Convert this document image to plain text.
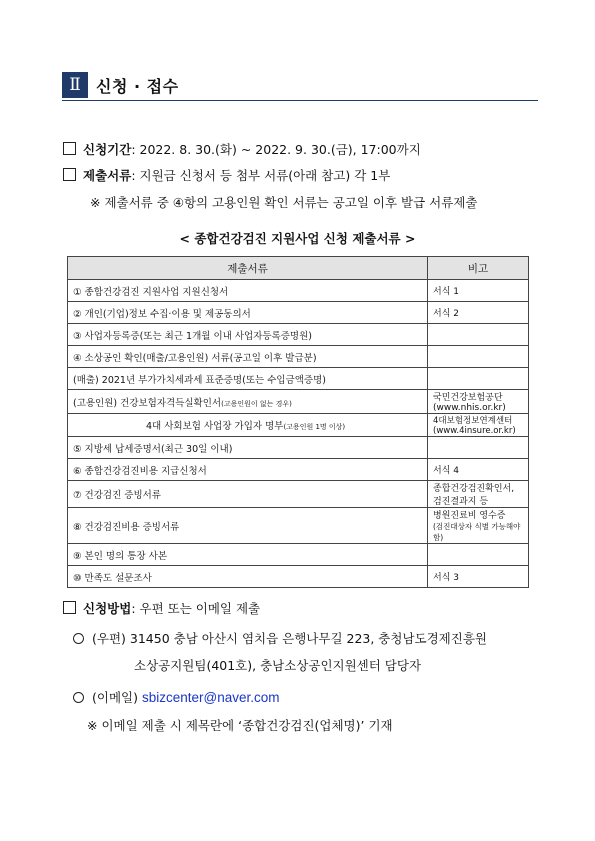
Ⅱ 신청 · 접수
신청기간: 2022. 8. 30.(화) ~ 2022. 9. 30.(금), 17:00까지
제출서류: 지원금 신청서 등 첨부 서류(아래 참고) 각 1부
※ 제출서류 중 ④항의 고용인원 확인 서류는 공고일 이후 발급 서류제출
< 종합건강검진 지원사업 신청 제출서류 >
제출서류	비고
① 종합건강검진 지원사업 지원신청서	서식 1
② 개인(기업)정보 수집·이용 및 제공동의서	서식 2
③ 사업자등록증(또는 최근 1개월 이내 사업자등록증명원)	
④ 소상공인 확인(매출/고용인원) 서류(공고일 이후 발급분)	
(매출) 2021년 부가가치세과세 표준증명(또는 수입금액증명)	
(고용인원) 건강보험자격득실확인서(고용인원이 없는 경우)	국민건강보험공단(www.nhis.or.kr)
4대 사회보험 사업장 가입자 명부(고용인원 1명 이상)	4대보험정보연계센터(www.4insure.or.kr)
⑤ 지방세 납세증명서(최근 30일 이내)	
⑥ 종합건강검진비용 지급신청서	서식 4
⑦ 건강검진 증빙서류	종합건강검진확인서, 검진결과지 등
⑧ 건강검진비용 증빙서류	병원진료비 영수증
(검진대상자 식별 가능해야 함)

⑨ 본인 명의 통장 사본	
⑩ 만족도 설문조사	서식 3
신청방법: 우편 또는 이메일 제출
(우편) 31450 충남 아산시 염치읍 은행나무길 223, 충청남도경제진흥원
소상공지원팀(401호), 충남소상공인지원센터 담당자
(이메일) sbizcenter@naver.com
※ 이메일 제출 시 제목란에 ‘종합건강검진(업체명)’ 기재
